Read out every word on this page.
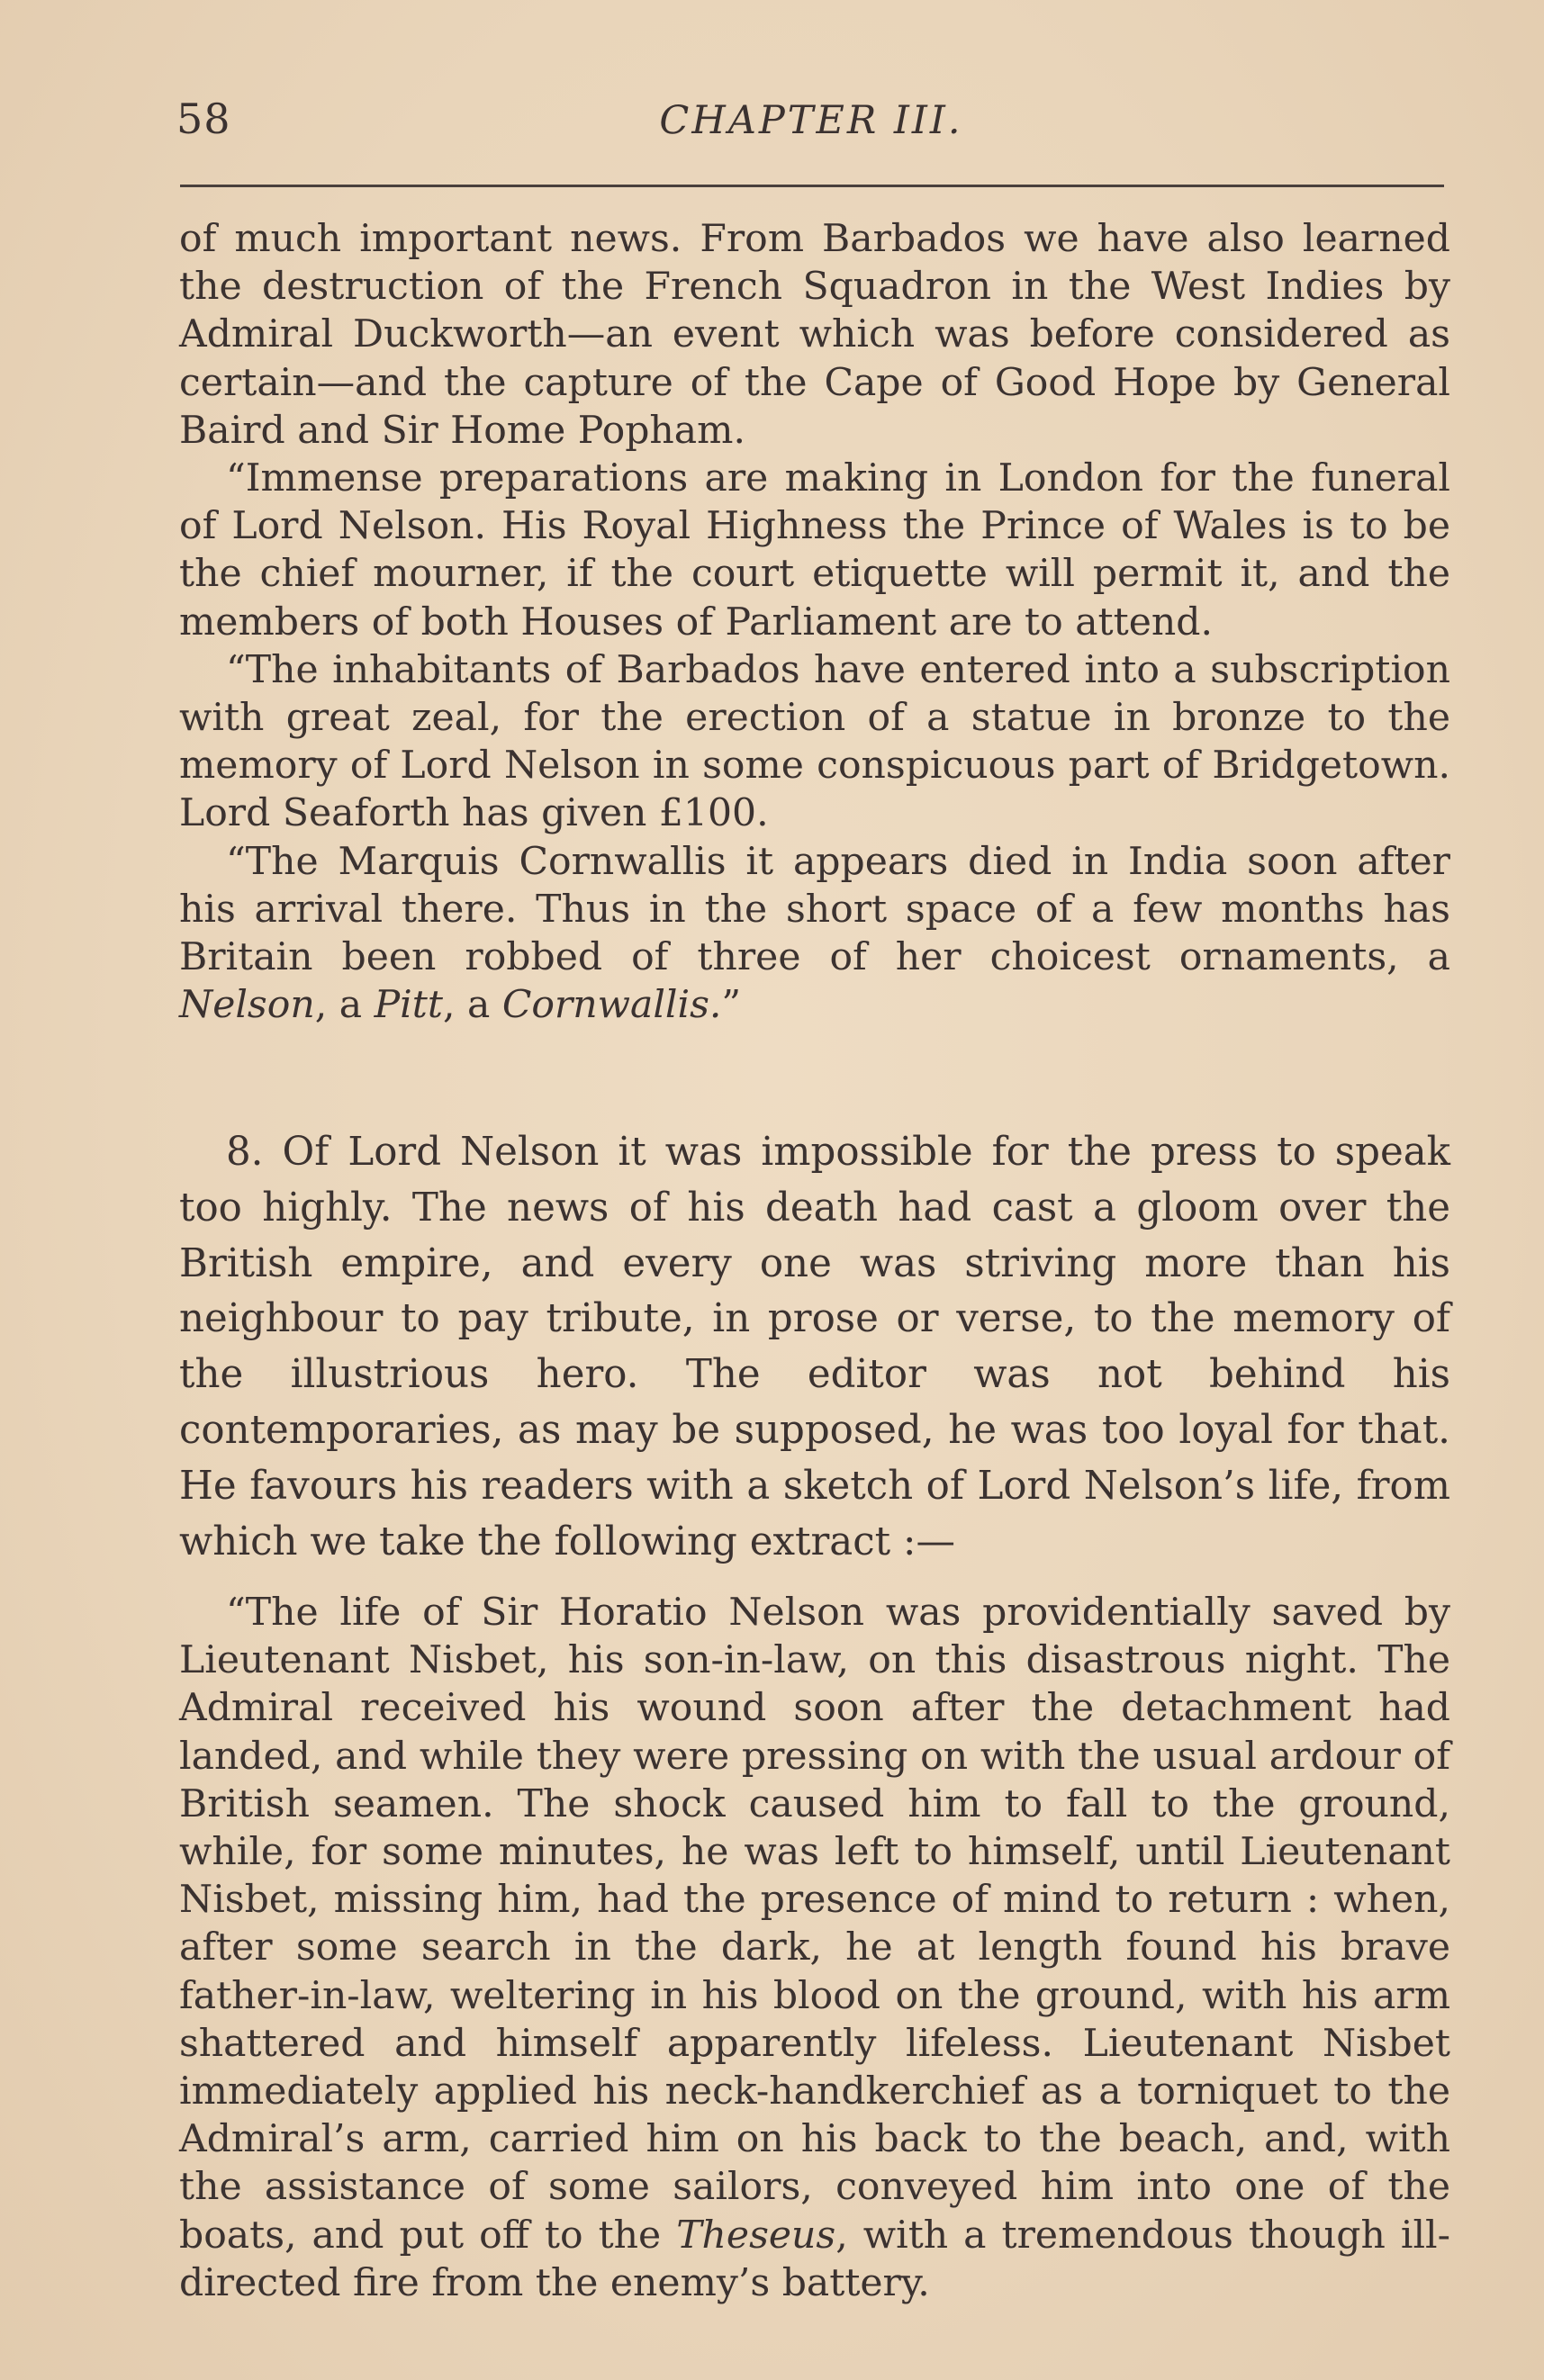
58	CHAPTER III.

of much important news. From Barbados we have also learned the destruction of the French Squadron in the West Indies by Admiral Duckworth—an event which was before considered as certain—and the capture of the Cape of Good Hope by General Baird and Sir Home Popham.

“Immense preparations are making in London for the funeral of Lord Nelson. His Royal Highness the Prince of Wales is to be the chief mourner, if the court etiquette will permit it, and the members of both Houses of Parliament are to attend.

“The inhabitants of Barbados have entered into a subscription with great zeal, for the erection of a statue in bronze to the memory of Lord Nelson in some conspicuous part of Bridgetown. Lord Seaforth has given £100.

“The Marquis Cornwallis it appears died in India soon after his arrival there. Thus in the short space of a few months has Britain been robbed of three of her choicest ornaments, a Nelson, a Pitt, a Cornwallis.”

8. Of Lord Nelson it was impossible for the press to speak too highly. The news of his death had cast a gloom over the British empire, and every one was striving more than his neighbour to pay tribute, in prose or verse, to the memory of the illustrious hero. The editor was not behind his contemporaries, as may be supposed, he was too loyal for that. He favours his readers with a sketch of Lord Nelson’s life, from which we take the following extract :—

“The life of Sir Horatio Nelson was providentially saved by Lieutenant Nisbet, his son-in-law, on this disastrous night. The Admiral received his wound soon after the detachment had landed, and while they were pressing on with the usual ardour of British seamen. The shock caused him to fall to the ground, while, for some minutes, he was left to himself, until Lieutenant Nisbet, missing him, had the presence of mind to return : when, after some search in the dark, he at length found his brave father-in-law, weltering in his blood on the ground, with his arm shattered and himself apparently lifeless. Lieutenant Nisbet immediately applied his neck-handkerchief as a torniquet to the Admiral’s arm, carried him on his back to the beach, and, with the assistance of some sailors, conveyed him into one of the boats, and put off to the Theseus, with a tremendous though ill-directed fire from the enemy’s battery.
